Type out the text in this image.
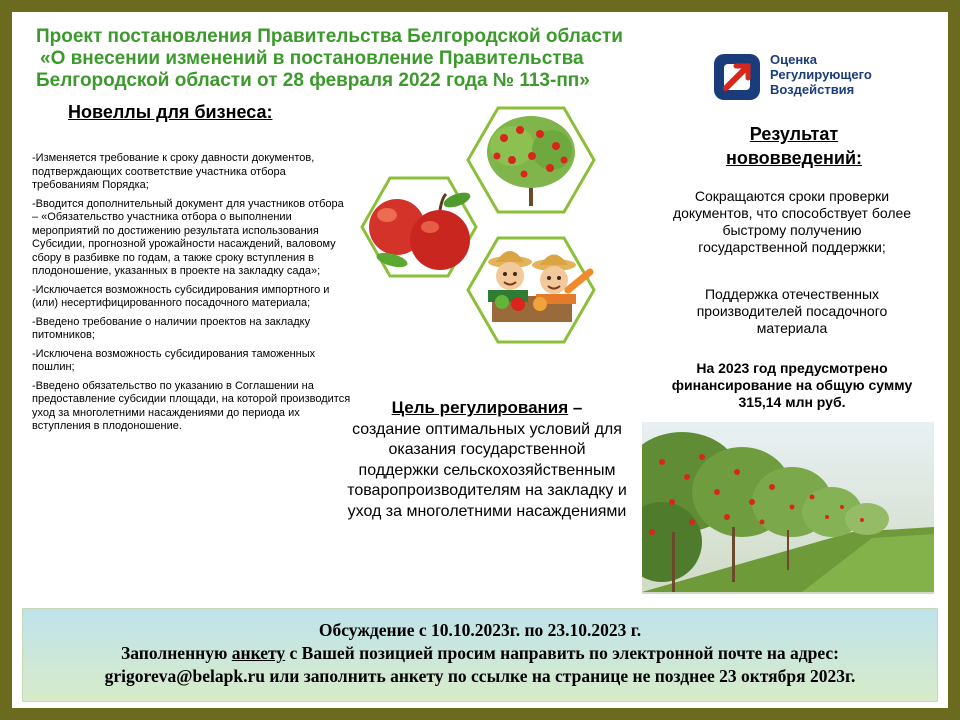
Проект постановления Правительства Белгородской области
«О внесении изменений в постановление Правительства
Белгородской области от 28 февраля 2022 года № 113-пп»
Оценка
Регулирующего
Воздействия
Новеллы для бизнеса:

-Изменяется требование к сроку давности документов, подтверждающих соответствие участника отбора требованиям Порядка;

-Вводится дополнительный документ для участников отбора – «Обязательство участника отбора о выполнении мероприятий по достижению результата использования Субсидии, прогнозной урожайности насаждений, валовому сбору в разбивке по годам, а также сроку вступления в плодоношение, указанных в проекте на закладку сада»;

-Исключается возможность субсидирования импортного и (или) несертифицированного посадочного материала;

-Введено требование о наличии проектов на закладку питомников;

-Исключена возможность субсидирования таможенных пошлин;

-Введено обязательство по указанию в Соглашении на предоставление субсидии площади, на которой производится уход за многолетними насаждениями до периода их вступления в плодоношение.

Результат
нововведений:
Сокращаются сроки проверки документов, что способствует более быстрому получению государственной поддержки;
Поддержка отечественных производителей посадочного материала
На 2023 год предусмотрено финансирование на общую сумму 315,14 млн руб.
Цель регулирования –
создание оптимальных условий для оказания государственной поддержки сельскохозяйственным товаропроизводителям на закладку и уход за многолетними насаждениями
Обсуждение с 10.10.2023г. по 23.10.2023 г.
Заполненную анкету с Вашей позицией просим направить по электронной почте на адрес:
grigoreva@belapk.ru или заполнить анкету по ссылке на странице не позднее 23 октября 2023г.
